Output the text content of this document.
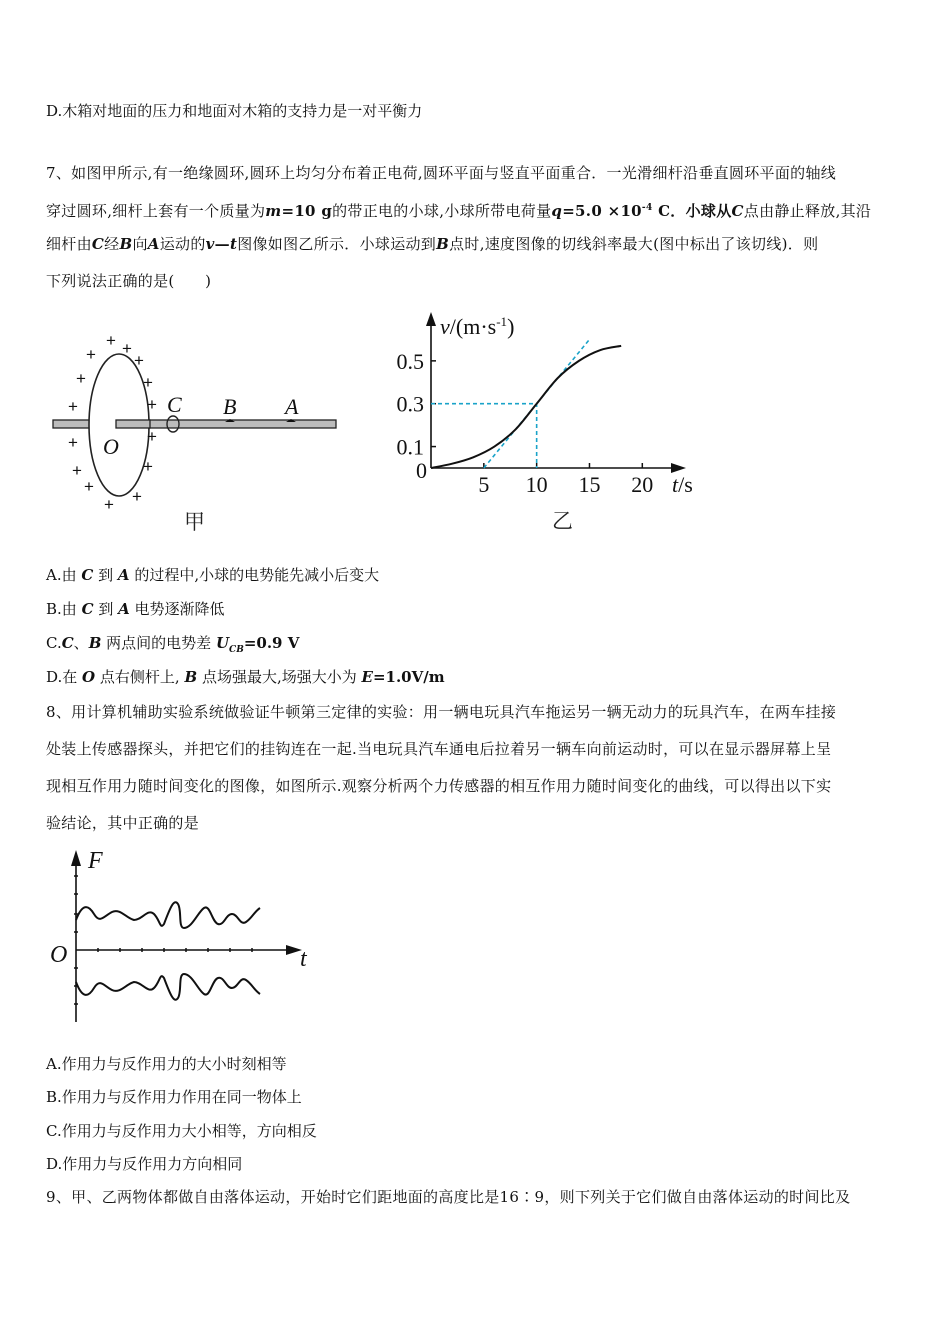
D.木箱对地面的压力和地面对木箱的支持力是一对平衡力
7、如图甲所示,有一绝缘圆环,圆环上均匀分布着正电荷,圆环平面与竖直平面重合．一光滑细杆沿垂直圆环平面的轴线
穿过圆环,细杆上套有一个质量为m=10 g的带正电的小球,小球所带电荷量$q=5.0 \times 10^{-4}$ C．小球从C点由静止释放,其沿
细杆由C经B向A运动的v—t图像如图乙所示．小球运动到B点时,速度图像的切线斜率最大(图中标出了该切线)．则
下列说法正确的是(　　)
+ +
+ +
+	+
+	+
+	+
+	+
+
+
+
C B A
O
甲
5 10 15 20
0.1
0.3
0.5
0
$v/(m\cdot s^{-1})$
t/s
乙
A.由 C 到 A 的过程中,小球的电势能先减小后变大
B.由 C 到 A 电势逐渐降低
C.C、B 两点间的电势差 $U_{CB}=0.9$ V
D.在 O 点右侧杆上, B 点场强最大,场强大小为 E=1.0V/m
8、用计算机辅助实验系统做验证牛顿第三定律的实验：用一辆电玩具汽车拖运另一辆无动力的玩具汽车，在两车挂接
处装上传感器探头，并把它们的挂钩连在一起.当电玩具汽车通电后拉着另一辆车向前运动时，可以在显示器屏幕上呈
现相互作用力随时间变化的图像，如图所示.观察分析两个力传感器的相互作用力随时间变化的曲线，可以得出以下实
验结论，其中正确的是
F
O	t
A.作用力与反作用力的大小时刻相等
B.作用力与反作用力作用在同一物体上
C.作用力与反作用力大小相等，方向相反
D.作用力与反作用力方向相同
9、甲、乙两物体都做自由落体运动，开始时它们距地面的高度比是16∶9，则下列关于它们做自由落体运动的时间比及
